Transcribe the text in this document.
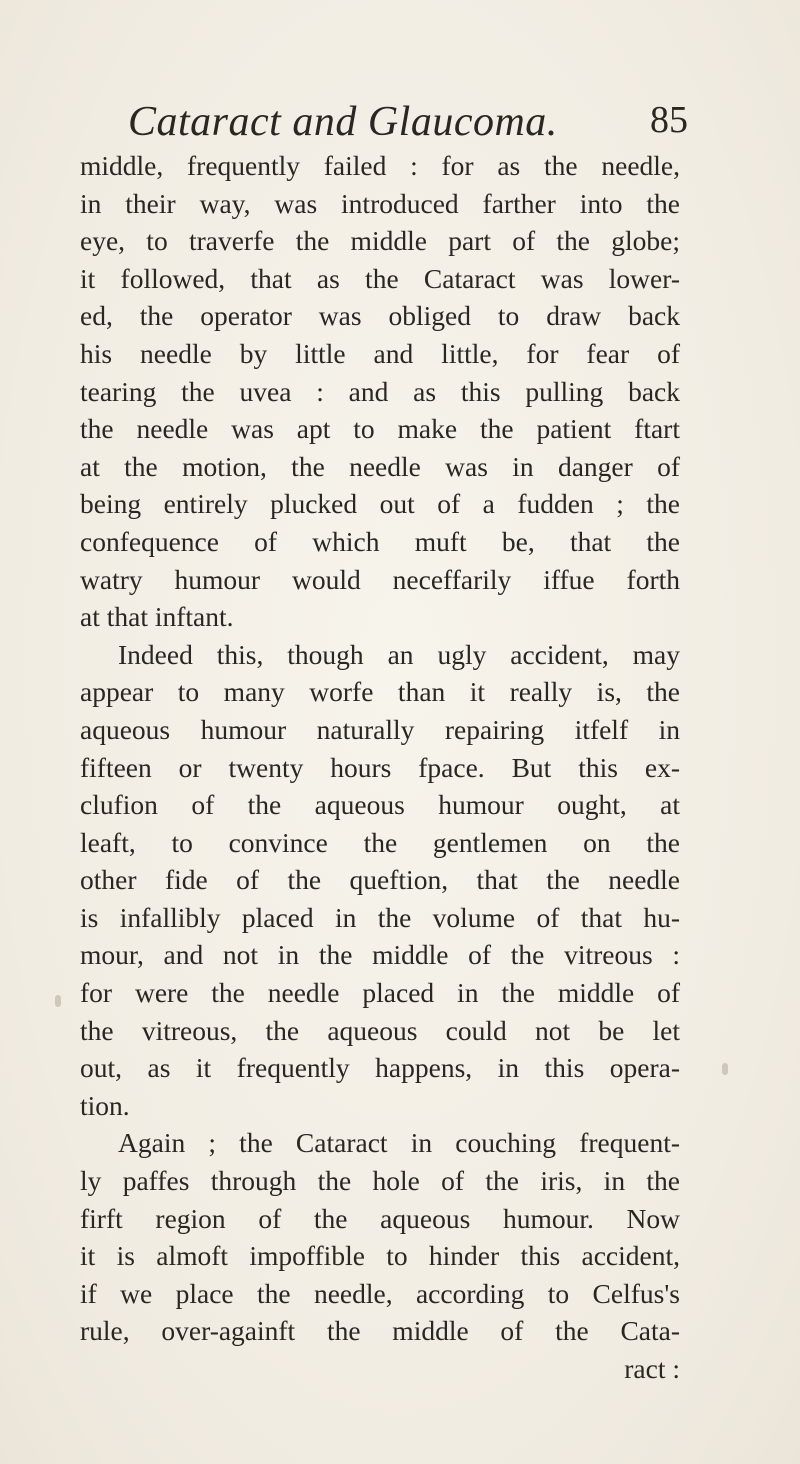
Cataract and Glaucoma. 85
middle, frequently failed : for as the needle,
in their way, was introduced farther into the
eye, to traverfe the middle part of the globe;
it followed, that as the Cataract was lower-
ed, the operator was obliged to draw back
his needle by little and little, for fear of
tearing the uvea : and as this pulling back
the needle was apt to make the patient ftart
at the motion, the needle was in danger of
being entirely plucked out of a fudden ; the
confequence of which muft be, that the
watry humour would neceffarily iffue forth
at that inftant.
Indeed this, though an ugly accident, may
appear to many worfe than it really is, the
aqueous humour naturally repairing itfelf in
fifteen or twenty hours fpace. But this ex-
clufion of the aqueous humour ought, at
leaft, to convince the gentlemen on the
other fide of the queftion, that the needle
is infallibly placed in the volume of that hu-
mour, and not in the middle of the vitreous :
for were the needle placed in the middle of
the vitreous, the aqueous could not be let
out, as it frequently happens, in this opera-
tion.
Again ; the Cataract in couching frequent-
ly paffes through the hole of the iris, in the
firft region of the aqueous humour. Now
it is almoft impoffible to hinder this accident,
if we place the needle, according to Celfus's
rule, over-againft the middle of the Cata-
ract :
